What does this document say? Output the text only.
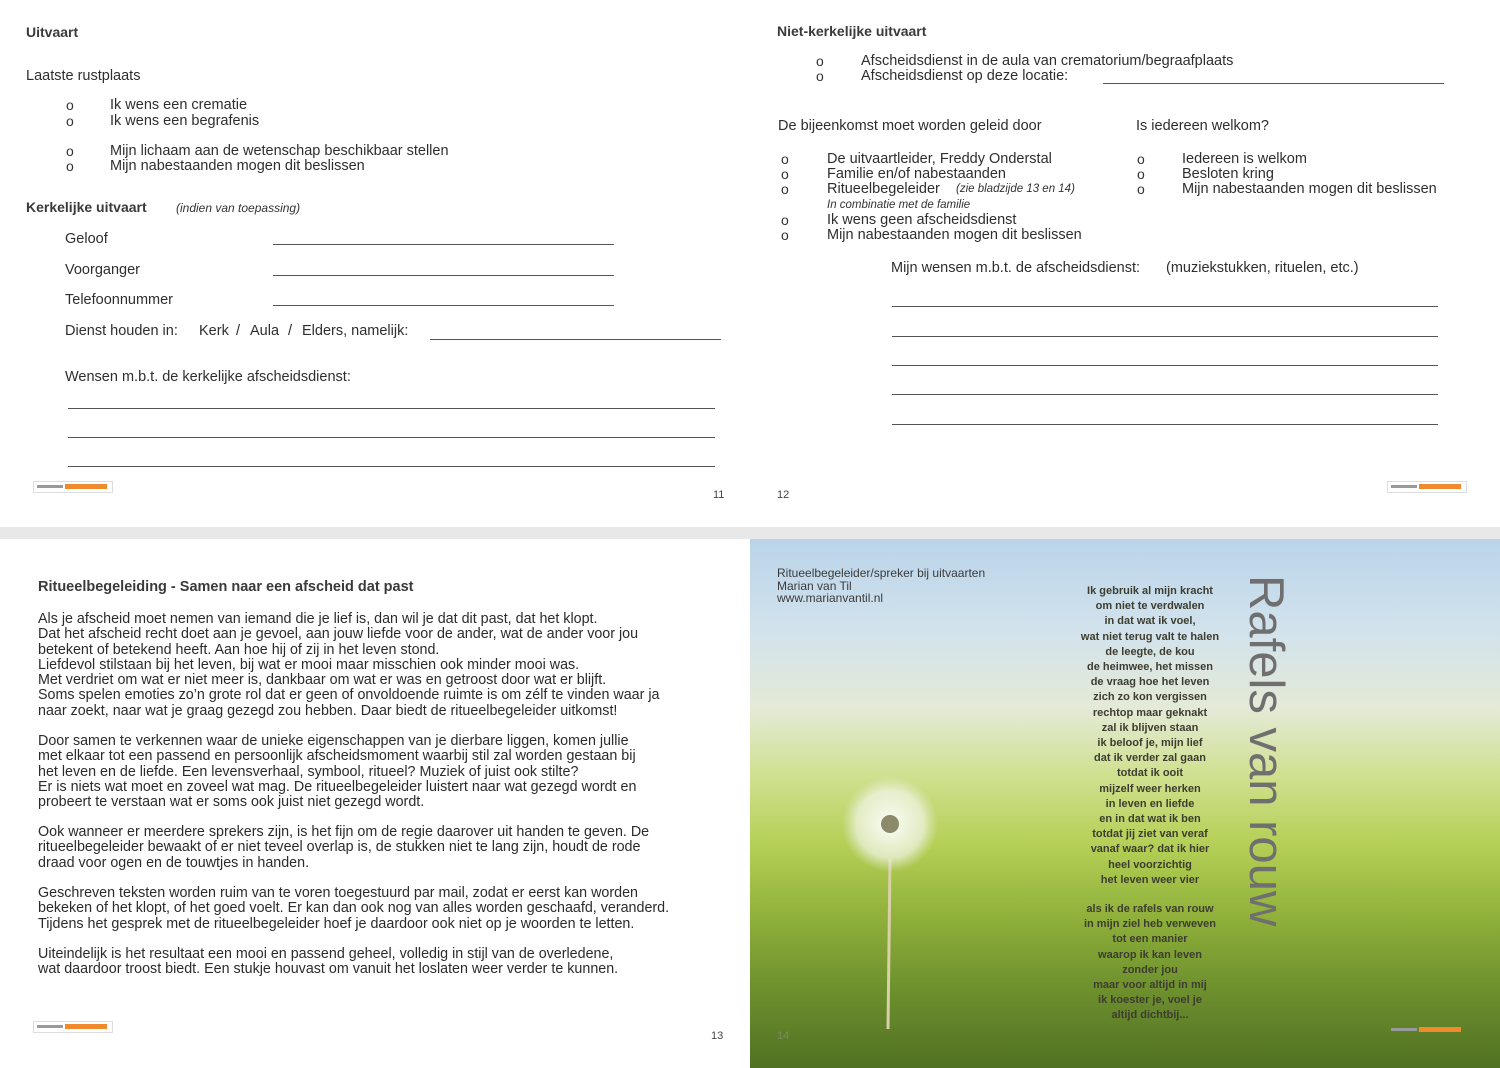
Uitvaart
Laatste rustplaats
o Ik wens een crematie
o Ik wens een begrafenis
o Mijn lichaam aan de wetenschap beschikbaar stellen
o Mijn nabestaanden mogen dit beslissen
Kerkelijke uitvaart (indien van toepassing)
Geloof
Voorganger
Telefoonnummer
Dienst houden in: Kerk / Aula / Elders, namelijk:
Wensen m.b.t. de kerkelijke afscheidsdienst:
11
Niet-kerkelijke uitvaart
o	Afscheidsdienst in de aula van crematorium/begraafplaats
o	Afscheidsdienst op deze locatie:
De bijeenkomst moet worden geleid door	Is iedereen welkom?
o	De uitvaartleider, Freddy Onderstal
o	Familie en/of nabestaanden
o	Ritueelbegeleider (zie bladzijde 13 en 14)
In combinatie met de familie
o	Ik wens geen afscheidsdienst
o	Mijn nabestaanden mogen dit beslissen
o	Iedereen is welkom
o	Besloten kring
o	Mijn nabestaanden mogen dit beslissen
Mijn wensen m.b.t. de afscheidsdienst: (muziekstukken, rituelen, etc.)
12
Ritueelbegeleiding - Samen naar een afscheid dat past
Als je afscheid moet nemen van iemand die je lief is, dan wil je dat dit past, dat het klopt.
Dat het afscheid recht doet aan je gevoel, aan jouw liefde voor de ander, wat de ander voor jou
betekent of betekend heeft. Aan hoe hij of zij in het leven stond.
Liefdevol stilstaan bij het leven, bij wat er mooi maar misschien ook minder mooi was.
Met verdriet om wat er niet meer is, dankbaar om wat er was en getroost door wat er blijft.
Soms spelen emoties zo’n grote rol dat er geen of onvoldoende ruimte is om zélf te vinden waar ja
naar zoekt, naar wat je graag gezegd zou hebben. Daar biedt de ritueelbegeleider uitkomst!
Door samen te verkennen waar de unieke eigenschappen van je dierbare liggen, komen jullie
met elkaar tot een passend en persoonlijk afscheidsmoment waarbij stil zal worden gestaan bij
het leven en de liefde. Een levensverhaal, symbool, ritueel? Muziek of juist ook stilte?
Er is niets wat moet en zoveel wat mag. De ritueelbegeleider luistert naar wat gezegd wordt en
probeert te verstaan wat er soms ook juist niet gezegd wordt.
Ook wanneer er meerdere sprekers zijn, is het fijn om de regie daarover uit handen te geven. De
ritueelbegeleider bewaakt of er niet teveel overlap is, de stukken niet te lang zijn, houdt de rode
draad voor ogen en de touwtjes in handen.
Geschreven teksten worden ruim van te voren toegestuurd par mail, zodat er eerst kan worden
bekeken of het klopt, of het goed voelt. Er kan dan ook nog van alles worden geschaafd, veranderd.
Tijdens het gesprek met de ritueelbegeleider hoef je daardoor ook niet op je woorden te letten.
Uiteindelijk is het resultaat een mooi en passend geheel, volledig in stijl van de overledene,
wat daardoor troost biedt. Een stukje houvast om vanuit het loslaten weer verder te kunnen.
13
Ritueelbegeleider/spreker bij uitvaarten
Marian van Til
www.marianvantil.nl
14
Ik gebruik al mijn kracht
om niet te verdwalen
in dat wat ik voel,
wat niet terug valt te halen
de leegte, de kou
de heimwee, het missen
de vraag hoe het leven
zich zo kon vergissen
rechtop maar geknakt
zal ik blijven staan
ik beloof je, mijn lief
dat ik verder zal gaan
totdat ik ooit
mijzelf weer herken
in leven en liefde
en in dat wat ik ben
totdat jij ziet van veraf
vanaf waar? dat ik hier
heel voorzichtig
het leven weer vier
als ik de rafels van rouw
in mijn ziel heb verweven
tot een manier
waarop ik kan leven
zonder jou
maar voor altijd in mij
ik koester je, voel je
altijd dichtbij...
Rafels van rouw
